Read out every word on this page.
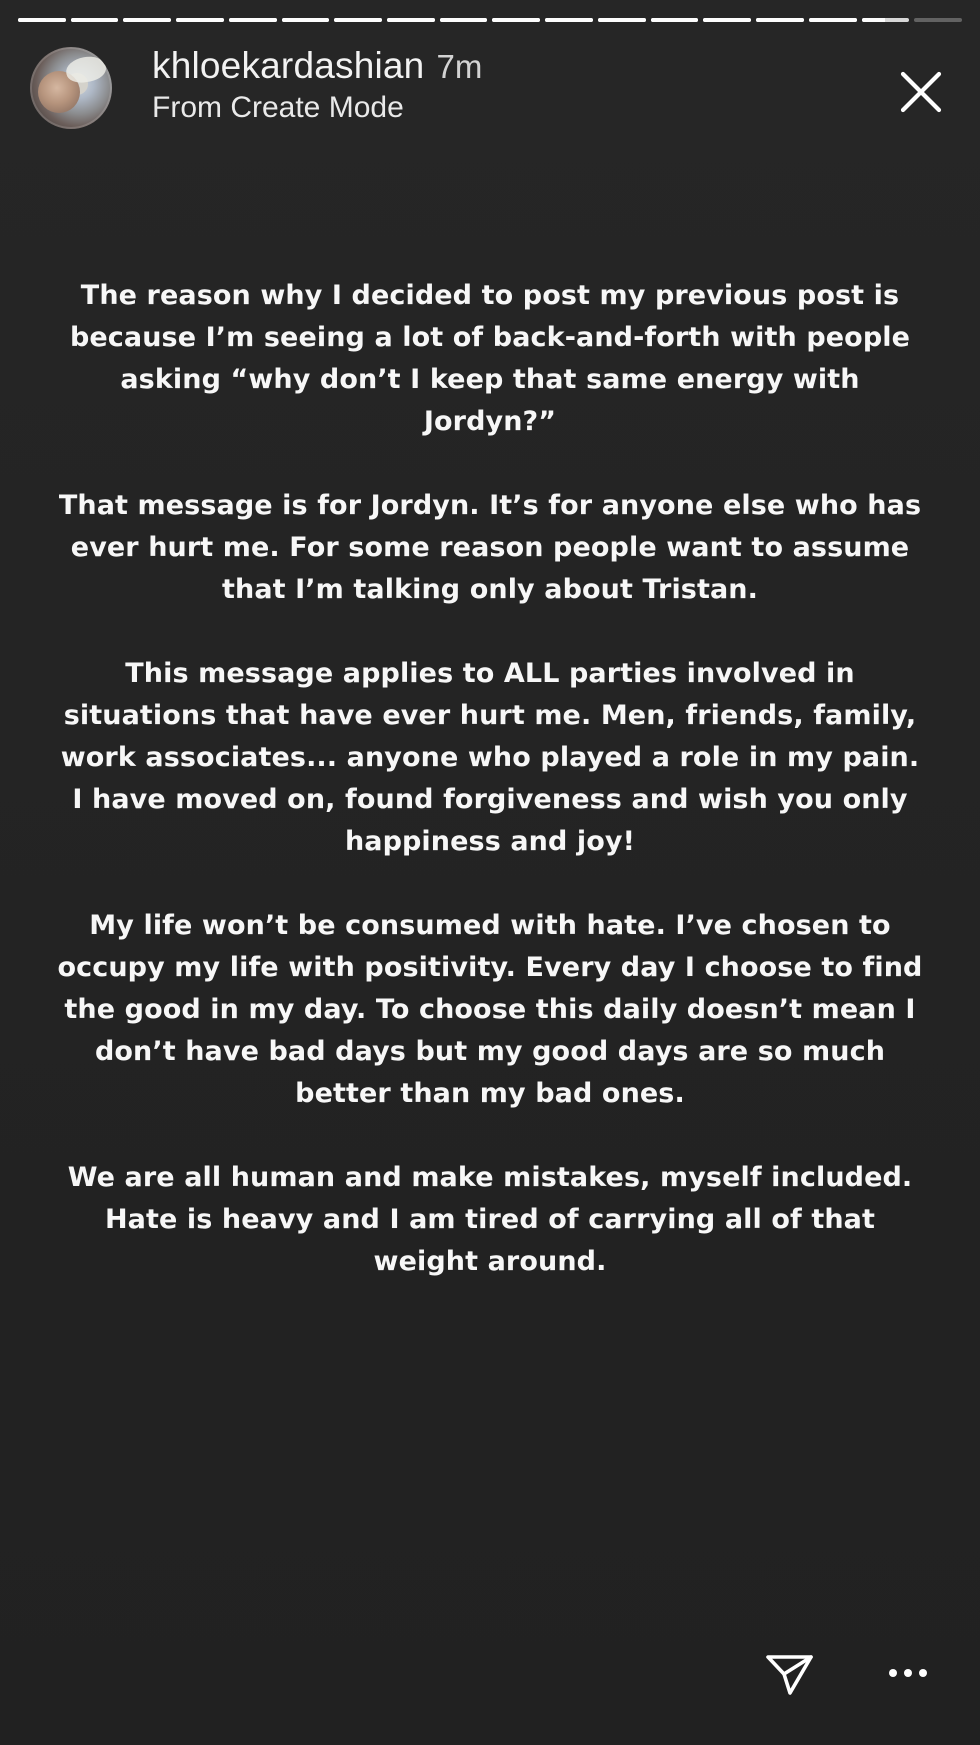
khloekardashian 7m
From Create Mode

The reason why I decided to post my previous post is
because I’m seeing a lot of back-and-forth with people
asking “why don’t I keep that same energy with
Jordyn?”

That message is for Jordyn. It’s for anyone else who has
ever hurt me. For some reason people want to assume
that I’m talking only about Tristan.

This message applies to ALL parties involved in
situations that have ever hurt me. Men, friends, family,
work associates... anyone who played a role in my pain.
I have moved on, found forgiveness and wish you only
happiness and joy!

My life won’t be consumed with hate. I’ve chosen to
occupy my life with positivity. Every day I choose to find
the good in my day. To choose this daily doesn’t mean I
don’t have bad days but my good days are so much
better than my bad ones.

We are all human and make mistakes, myself included.
Hate is heavy and I am tired of carrying all of that
weight around.
